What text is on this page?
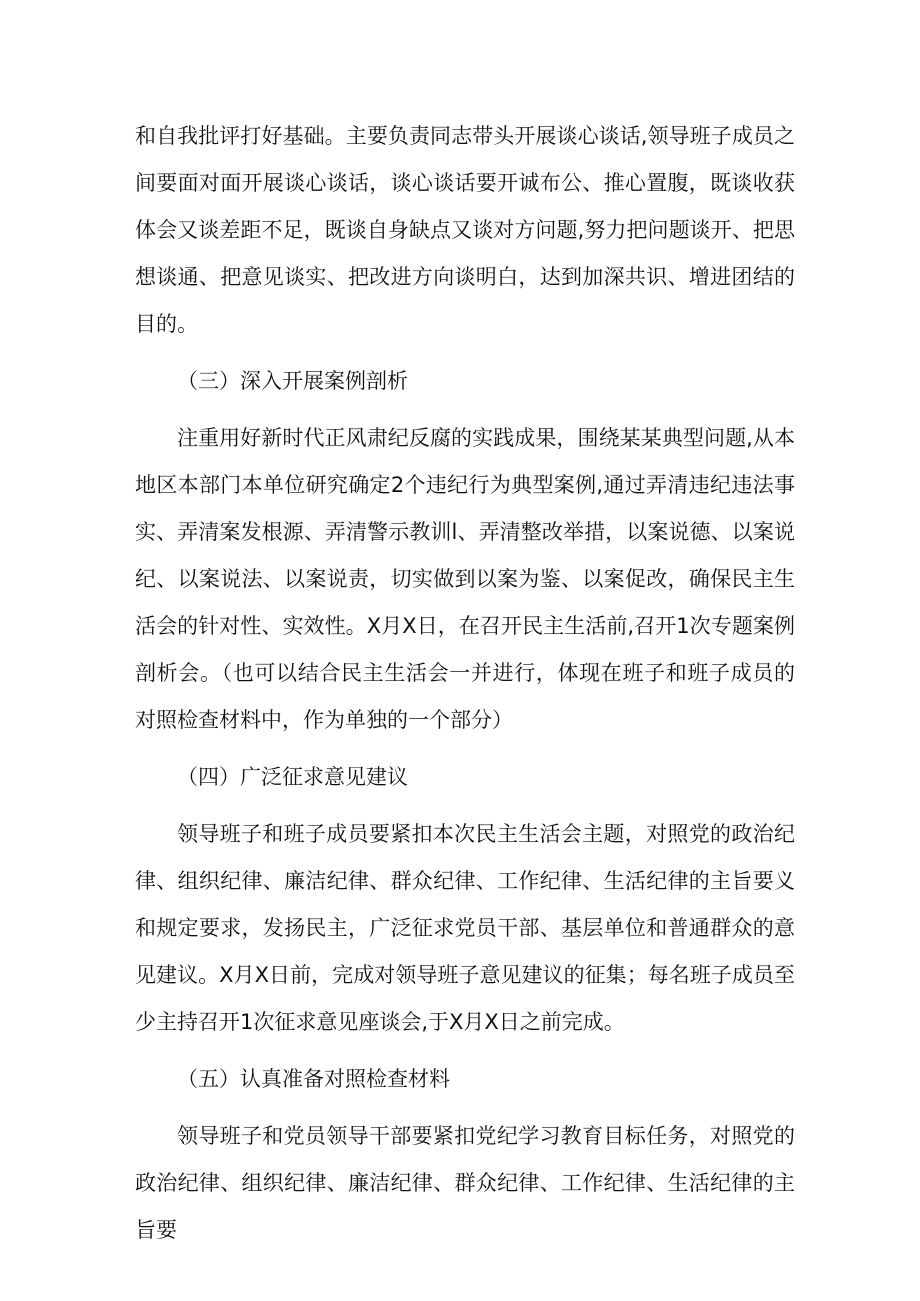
和自我批评打好基础。主要负责同志带头开展谈心谈话,领导班子成员之间要面对面开展谈心谈话，谈心谈话要开诚布公、推心置腹，既谈收获体会又谈差距不足，既谈自身缺点又谈对方问题,努力把问题谈开、把思想谈通、把意见谈实、把改进方向谈明白，达到加深共识、增进团结的目的。

（三）深入开展案例剖析

注重用好新时代正风肃纪反腐的实践成果，围绕某某典型问题,从本地区本部门本单位研究确定2个违纪行为典型案例,通过弄清违纪违法事实、弄清案发根源、弄清警示教训l、弄清整改举措，以案说德、以案说纪、以案说法、以案说责，切实做到以案为鉴、以案促改，确保民主生活会的针对性、实效性。X月X日，在召开民主生活前,召开1次专题案例剖析会。（也可以结合民主生活会一并进行，体现在班子和班子成员的对照检查材料中，作为单独的一个部分）

（四）广泛征求意见建议

领导班子和班子成员要紧扣本次民主生活会主题，对照党的政治纪律、组织纪律、廉洁纪律、群众纪律、工作纪律、生活纪律的主旨要义和规定要求，发扬民主，广泛征求党员干部、基层单位和普通群众的意见建议。X月X日前，完成对领导班子意见建议的征集；每名班子成员至少主持召开1次征求意见座谈会,于X月X日之前完成。

（五）认真准备对照检查材料

领导班子和党员领导干部要紧扣党纪学习教育目标任务，对照党的政治纪律、组织纪律、廉洁纪律、群众纪律、工作纪律、生活纪律的主旨要
